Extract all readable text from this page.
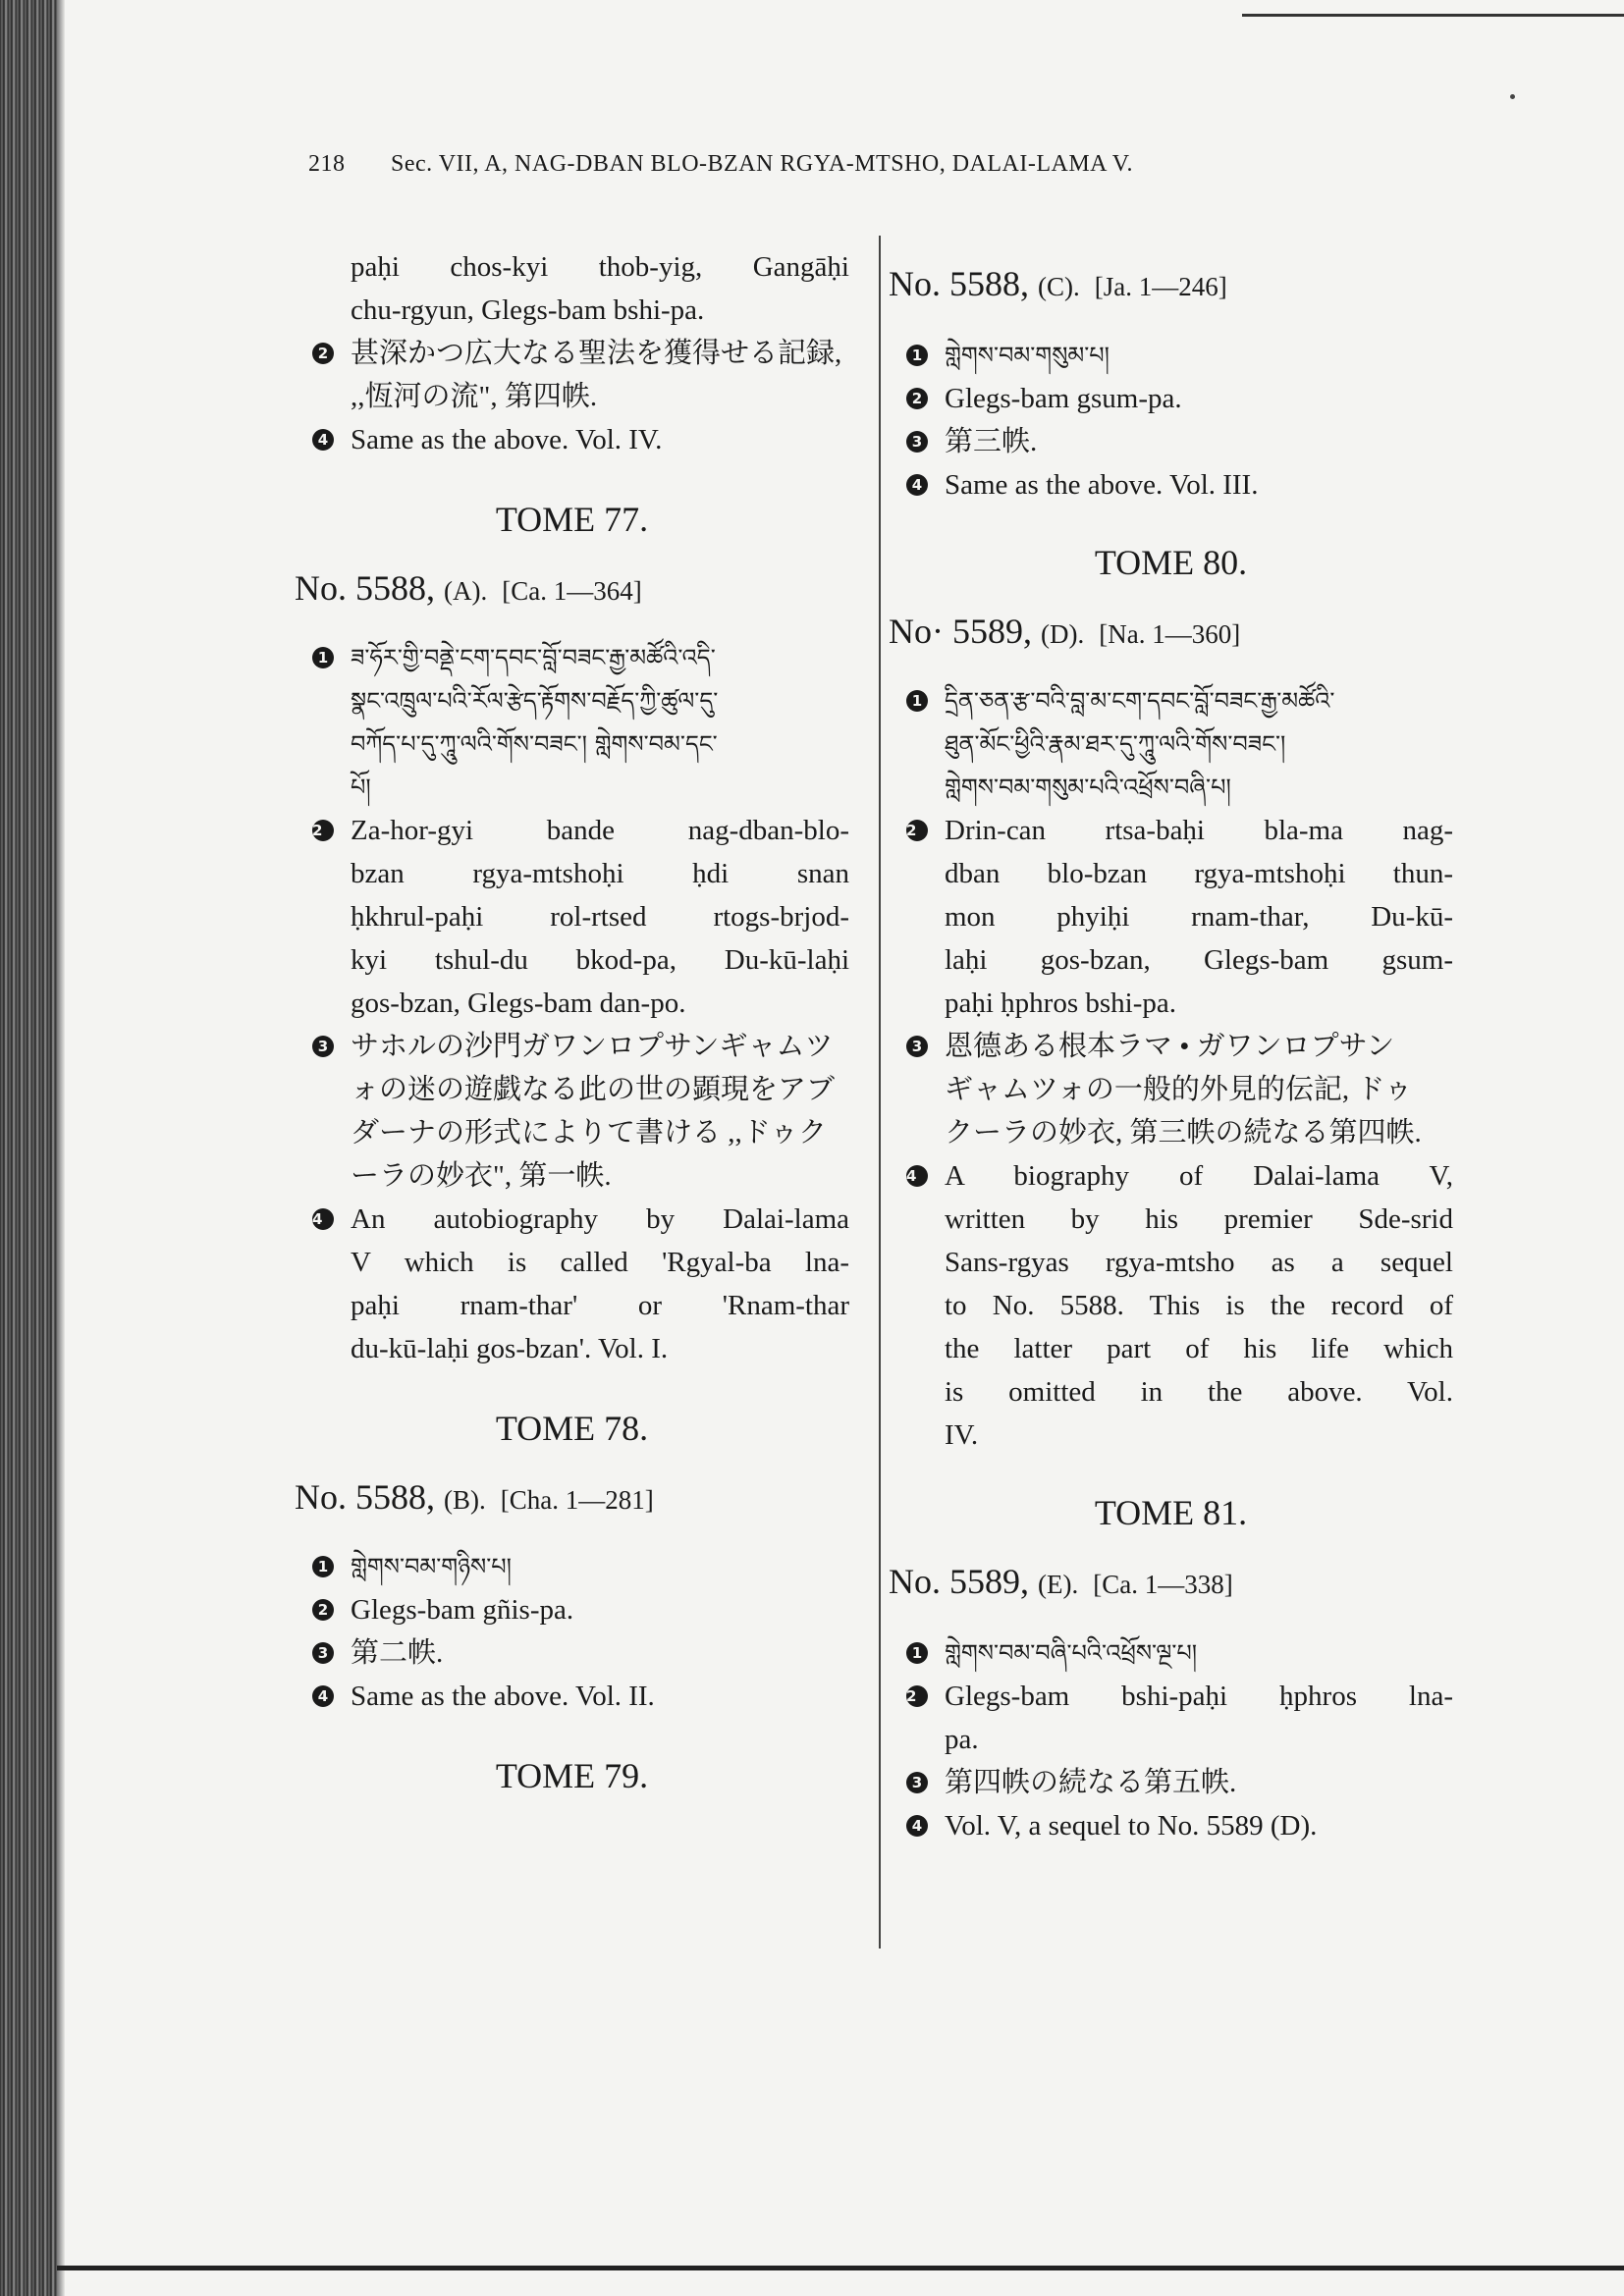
218 Sec. VII, A, NAG-DBAN BLO-BZAN RGYA-MTSHO, DALAI-LAMA V.
paḥi chos-kyi thob-yig, Gangāḥi
chu-rgyun, Glegs-bam bshi-pa.
2 甚深かつ広大なる聖法を獲得せる記録,
,,恆河の流", 第四帙.
4 Same as the above. Vol. IV.
TOME 77.
No. 5588, (A). [Ca. 1—364]
1 ཟ་ཧོར་གྱི་བནྡེ་ངག་དབང་བློ་བཟང་རྒྱ་མཚོའི་འདི་
སྣང་འཁྲུལ་པའི་རོལ་རྩེད་རྟོགས་བརྗོད་ཀྱི་ཚུལ་དུ་
བཀོད་པ་དུ་ཀཱུ་ལའི་གོས་བཟང་། གླེགས་བམ་དང་
པོ།
2 Za-hor-gyi bande nag-dban-blo-
bzan rgya-mtshoḥi ḥdi snan
ḥkhrul-paḥi rol-rtsed rtogs-brjod-
kyi tshul-du bkod-pa, Du-kū-laḥi
gos-bzan, Glegs-bam dan-po.
3 サホルの沙門ガワンロプサンギャムツ
ォの迷の遊戯なる此の世の顕現をアブ
ダーナの形式によりて書ける ,,ドゥク
ーラの妙衣", 第一帙.
4 An autobiography by Dalai-lama
V which is called 'Rgyal-ba lna-
paḥi rnam-thar' or 'Rnam-thar
du-kū-laḥi gos-bzan'. Vol. I.
TOME 78.
No. 5588, (B). [Cha. 1—281]
1 གླེགས་བམ་གཉིས་པ།
2 Glegs-bam gñis-pa.
3 第二帙.
4 Same as the above. Vol. II.
TOME 79.
No. 5588, (C). [Ja. 1—246]
1 གླེགས་བམ་གསུམ་པ།
2 Glegs-bam gsum-pa.
3 第三帙.
4 Same as the above. Vol. III.
TOME 80.
No· 5589, (D). [Na. 1—360]
1 དྲིན་ཅན་རྩ་བའི་བླ་མ་ངག་དབང་བློ་བཟང་རྒྱ་མཚོའི་
ཐུན་མོང་ཕྱིའི་རྣམ་ཐར་དུ་ཀཱུ་ལའི་གོས་བཟང་།
གླེགས་བམ་གསུམ་པའི་འཕྲོས་བཞི་པ།
2 Drin-can rtsa-baḥi bla-ma nag-
dban blo-bzan rgya-mtshoḥi thun-
mon phyiḥi rnam-thar, Du-kū-
laḥi gos-bzan, Glegs-bam gsum-
paḥi ḥphros bshi-pa.
3 恩德ある根本ラマ • ガワンロプサン
ギャムツォの一般的外見的伝記, ドゥ
クーラの妙衣, 第三帙の続なる第四帙.
4 A biography of Dalai-lama V,
written by his premier Sde-srid
Sans-rgyas rgya-mtsho as a sequel
to No. 5588. This is the record of
the latter part of his life which
is omitted in the above. Vol.
IV.
TOME 81.
No. 5589, (E). [Ca. 1—338]
1 གླེགས་བམ་བཞི་པའི་འཕྲོས་ལྔ་པ།
2 Glegs-bam bshi-paḥi ḥphros lna-
pa.
3 第四帙の続なる第五帙.
4 Vol. V, a sequel to No. 5589 (D).
